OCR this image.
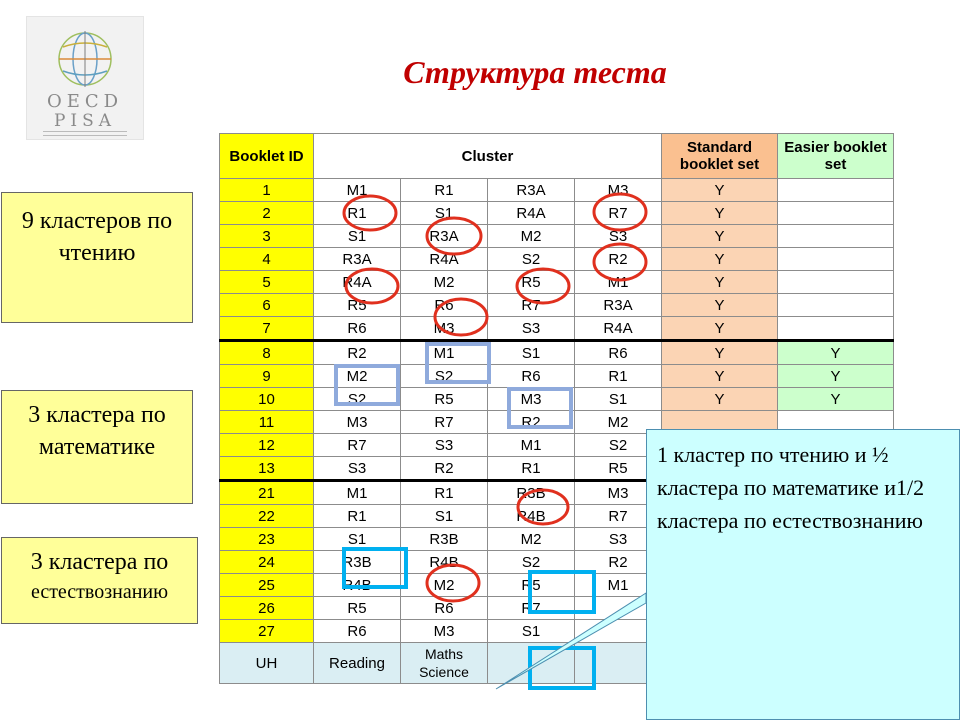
OECD
PISA
Структура теста
9 кластеров по чтению
3 кластера по математике
3 кластера по
естествознанию
Booklet ID	Cluster				Standard booklet set	Easier booklet set
1	M1	R1	R3A	M3	Y	
2	R1	S1	R4A	R7	Y	
3	S1	R3A	M2	S3	Y	
4	R3A	R4A	S2	R2	Y	
5	R4A	M2	R5	M1	Y	
6	R5	R6	R7	R3A	Y	
7	R6	M3	S3	R4A	Y	
8	R2	M1	S1	R6	Y	Y
9	M2	S2	R6	R1	Y	Y
10	S2	R5	M3	S1	Y	Y
11	M3	R7	R2	M2		
12	R7	S3	M1	S2		
13	S3	R2	R1	R5		
21	M1	R1	R3B	M3		
22	R1	S1	R4B	R7		
23	S1	R3B	M2	S3		
24	R3B	R4B	S2	R2		
25	R4B	M2	R5	M1		
26	R5	R6	R7			
27	R6	M3	S1			
UH	Reading	Maths
Science				

1 кластер по чтению и ½ кластера по математике и1/2 кластера по естествознанию
